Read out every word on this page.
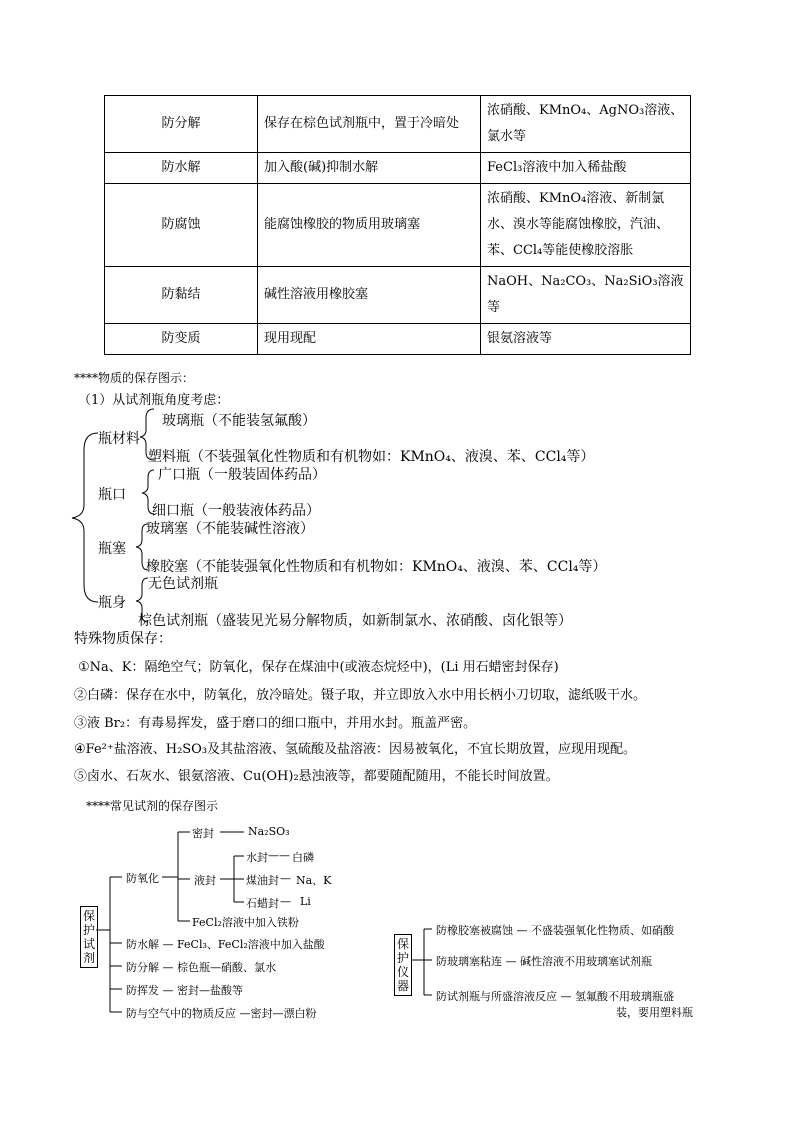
防分解	保存在棕色试剂瓶中，置于冷暗处	浓硝酸、KMnO₄、AgNO₃溶液、氯水等
防水解	加入酸(碱)抑制水解	FeCl₃溶液中加入稀盐酸
防腐蚀	能腐蚀橡胶的物质用玻璃塞	浓硝酸、KMnO₄溶液、新制氯水、溴水等能腐蚀橡胶，汽油、苯、CCl₄等能使橡胶溶胀
防黏结	碱性溶液用橡胶塞	NaOH、Na₂CO₃、Na₂SiO₃溶液等
防变质	现用现配	银氨溶液等
****物质的保存图示：
（1）从试剂瓶角度考虑：
瓶材料
玻璃瓶（不能装氢氟酸）
塑料瓶（不装强氧化性物质和有机物如：KMnO₄、液溴、苯、CCl₄等）
瓶口
广口瓶（一般装固体药品）
细口瓶（一般装液体药品）
瓶塞
玻璃塞（不能装碱性溶液）
橡胶塞（不能装强氧化性物质和有机物如：KMnO₄、液溴、苯、CCl₄等）
瓶身
无色试剂瓶
棕色试剂瓶（盛装见光易分解物质，如新制氯水、浓硝酸、卤化银等）
特殊物质保存：
①Na、K：隔绝空气；防氧化，保存在煤油中(或液态烷烃中)，(Li 用石蜡密封保存)
②白磷：保存在水中，防氧化，放冷暗处。镊子取，并立即放入水中用长柄小刀切取，滤纸吸干水。
③液 Br₂：有毒易挥发，盛于磨口的细口瓶中，并用水封。瓶盖严密。
④Fe²⁺盐溶液、H₂SO₃及其盐溶液、氢硫酸及盐溶液：因易被氧化，不宜长期放置，应现用现配。
⑤卤水、石灰水、银氨溶液、Cu(OH)₂悬浊液等，都要随配随用，不能长时间放置。
****常见试剂的保存图示
保护试剂
防氧化
密封	Na₂SO₃
液封
水封 —— 白磷
煤油封 — Na、K
石蜡封 — Li
FeCl₂溶液中加入铁粉
防水解 — FeCl₃、FeCl₂溶液中加入盐酸
防分解 — 棕色瓶—硝酸、氯水
防挥发 — 密封—盐酸等
防与空气中的物质反应 —密封—漂白粉
保护仪器
防橡胶塞被腐蚀 — 不盛装强氧化性物质、如硝酸
防玻璃塞粘连 — 碱性溶液不用玻璃塞试剂瓶
防试剂瓶与所盛溶液反应 — 氢氟酸不用玻璃瓶盛
装，要用塑料瓶
